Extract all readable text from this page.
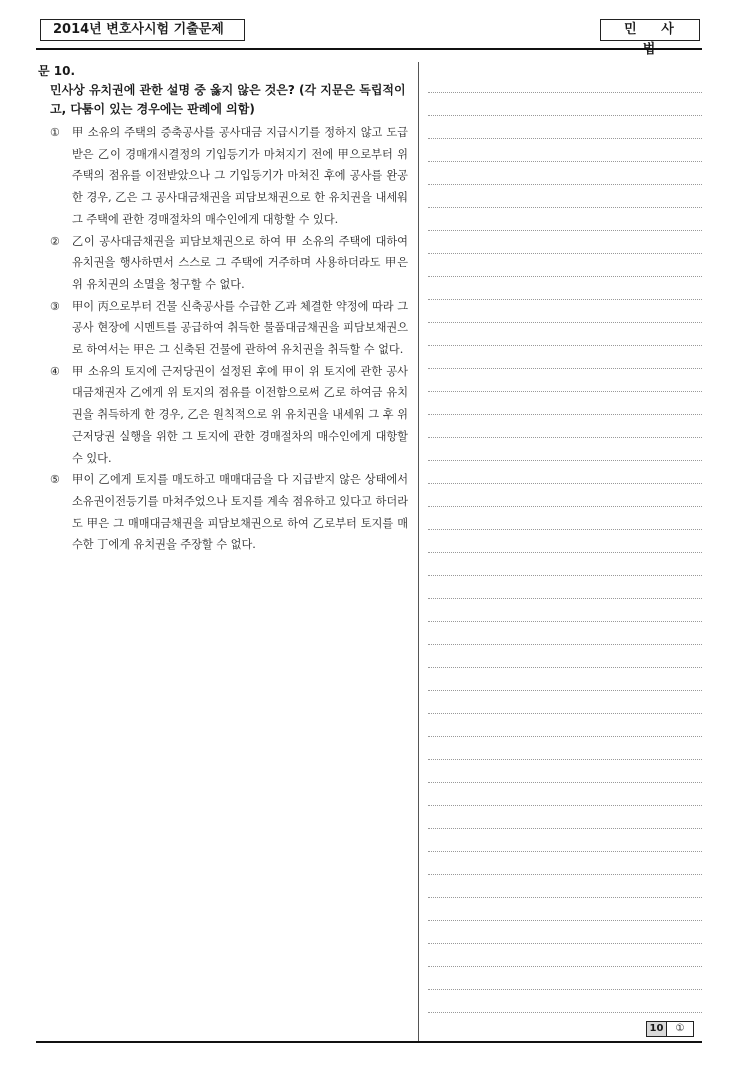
2014년 변호사시험 기출문제	민 사
문 10.
민사상 유치권에 관한 설명 중 옳지 않은 것은? (각 지문은 독립적이고, 다툼이 있는 경우에는 판례에 의함)
① 甲 소유의 주택의 증축공사를 공사대금 지급시기를 정하지 않고 도급받은 乙이 경매개시결정의 기입등기가 마쳐지기 전에 甲으로부터 위 주택의 점유를 이전받았으나 그 기입등기가 마쳐진 후에 공사를 완공한 경우, 乙은 그 공사대금채권을 피담보채권으로 한 유치권을 내세워 그 주택에 관한 경매절차의 매수인에게 대항할 수 있다.
② 乙이 공사대금채권을 피담보채권으로 하여 甲 소유의 주택에 대하여 유치권을 행사하면서 스스로 그 주택에 거주하며 사용하더라도 甲은 위 유치권의 소멸을 청구할 수 없다.
③ 甲이 丙으로부터 건물 신축공사를 수급한 乙과 체결한 약정에 따라 그 공사 현장에 시멘트를 공급하여 취득한 물품대금채권을 피담보채권으로 하여서는 甲은 그 신축된 건물에 관하여 유치권을 취득할 수 없다.
④ 甲 소유의 토지에 근저당권이 설정된 후에 甲이 위 토지에 관한 공사대금채권자 乙에게 위 토지의 점유를 이전함으로써 乙로 하여금 유치권을 취득하게 한 경우, 乙은 원칙적으로 위 유치권을 내세워 그 후 위 근저당권 실행을 위한 그 토지에 관한 경매절차의 매수인에게 대항할 수 있다.
⑤ 甲이 乙에게 토지를 매도하고 매매대금을 다 지급받지 않은 상태에서 소유권이전등기를 마쳐주었으나 토지를 계속 점유하고 있다고 하더라도 甲은 그 매매대금채권을 피담보채권으로 하여 乙로부터 토지를 매수한 丁에게 유치권을 주장할 수 없다.
10	①
